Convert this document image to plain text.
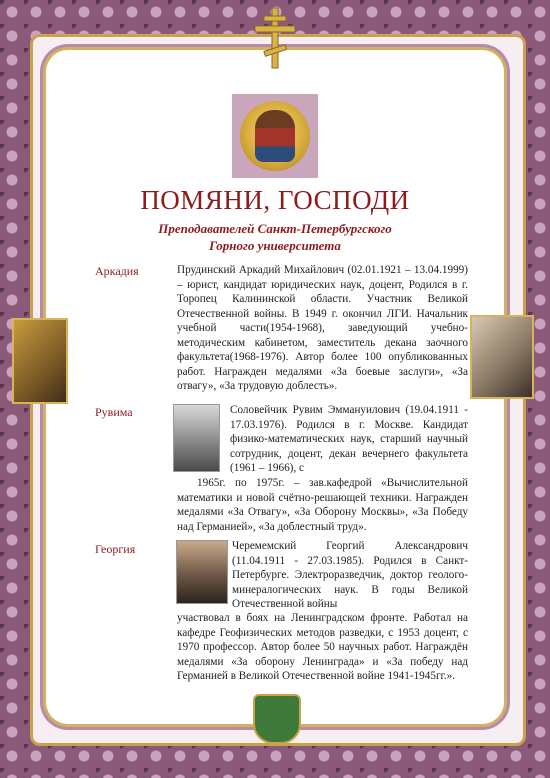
ПОМЯНИ, ГОСПОДИ
Преподавателей Санкт-Петербургского
Горного университета
Аркадия	Прудинский Аркадий Михайлович (02.01.1921 – 13.04.1999) – юрист, кандидат юридических наук, доцент, Родился в г. Торопец Калининской области. Участник Великой Отечественной войны. В 1949 г. окончил ЛГИ. Начальник учебной части(1954-1968), заведующий учебно-методическим кабинетом, заместитель декана заочного факультета(1968-1976). Автор более 100 опубликованных работ. Награжден медалями «За боевые заслуги», «За отвагу», «За трудовую доблесть».
Рувима	Соловейчик Рувим Эммануилович (19.04.1911 - 17.03.1976). Родился в г. Москве. Кандидат физико-математических наук, старший научный сотрудник, доцент, декан вечернего факультета (1961 – 1966), с
1965г. по 1975г. – зав.кафедрой «Вычислительной математики и новой счётно-решающей техники. Награжден медалями «За Отвагу», «За Оборону Москвы», «За Победу над Германией», «За доблестный труд».
Георгия	Черемемский Георгий Александрович (11.04.1911 - 27.03.1985). Родился в Санкт-Петербурге. Электроразведчик, доктор геолого-минералогических наук. В годы Великой Отечественной войны
участвовал в боях на Ленинградском фронте. Работал на кафедре Геофизических методов разведки, с 1953 доцент, с 1970 профессор. Автор более 50 научных работ. Награждён медалями «За оборону Ленинграда» и «За победу над Германией в Великой Отечественной войне 1941-1945гг.».
